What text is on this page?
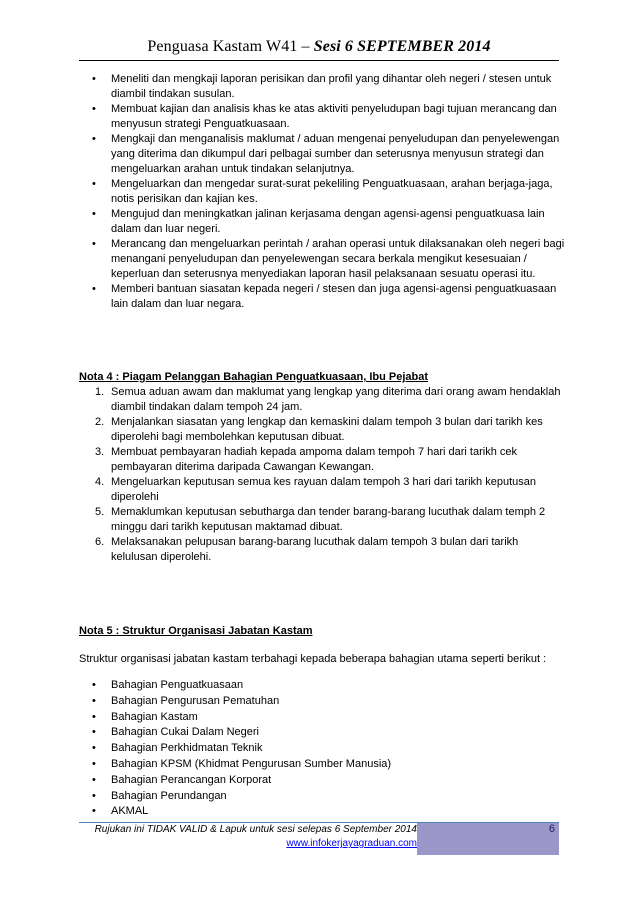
Penguasa Kastam W41 – Sesi 6 SEPTEMBER 2014
• Meneliti dan mengkaji laporan perisikan dan profil yang dihantar oleh negeri / stesen untuk diambil tindakan susulan.
• Membuat kajian dan analisis khas ke atas aktiviti penyeludupan bagi tujuan merancang dan menyusun strategi Penguatkuasaan.
• Mengkaji dan menganalisis maklumat / aduan mengenai penyeludupan dan penyelewengan yang diterima dan dikumpul dari pelbagai sumber dan seterusnya menyusun strategi dan mengeluarkan arahan untuk tindakan selanjutnya.
• Mengeluarkan dan mengedar surat-surat pekeliling Penguatkuasaan, arahan berjaga-jaga, notis perisikan dan kajian kes.
• Mengujud dan meningkatkan jalinan kerjasama dengan agensi-agensi penguatkuasa lain dalam dan luar negeri.
• Merancang dan mengeluarkan perintah / arahan operasi untuk dilaksanakan oleh negeri bagi menangani penyeludupan dan penyelewengan secara berkala mengikut kesesuaian / keperluan dan seterusnya menyediakan laporan hasil pelaksanaan sesuatu operasi itu.
• Memberi bantuan siasatan kepada negeri / stesen dan juga agensi-agensi penguatkuasaan lain dalam dan luar negara.

Nota 4 : Piagam Pelanggan Bahagian Penguatkuasaan, Ibu Pejabat

1. Semua aduan awam dan maklumat yang lengkap yang diterima dari orang awam hendaklah diambil tindakan dalam tempoh 24 jam.
2. Menjalankan siasatan yang lengkap dan kemaskini dalam tempoh 3 bulan dari tarikh kes diperolehi bagi membolehkan keputusan dibuat.
3. Membuat pembayaran hadiah kepada ampoma dalam tempoh 7 hari dari tarikh cek pembayaran diterima daripada Cawangan Kewangan.
4. Mengeluarkan keputusan semua kes rayuan dalam tempoh 3 hari dari tarikh keputusan diperolehi
5. Memaklumkan keputusan sebutharga dan tender barang-barang lucuthak dalam temph 2 minggu dari tarikh keputusan maktamad dibuat.
6. Melaksanakan pelupusan barang-barang lucuthak dalam tempoh 3 bulan dari tarikh kelulusan diperolehi.

Nota 5 : Struktur Organisasi Jabatan Kastam

Struktur organisasi jabatan kastam terbahagi kepada beberapa bahagian utama seperti berikut :

• Bahagian Penguatkuasaan
• Bahagian Pengurusan Pematuhan
• Bahagian Kastam
• Bahagian Cukai Dalam Negeri
• Bahagian Perkhidmatan Teknik
• Bahagian KPSM (Khidmat Pengurusan Sumber Manusia)
• Bahagian Perancangan Korporat
• Bahagian Perundangan
• AKMAL
Rujukan ini TIDAK VALID & Lapuk untuk sesi selepas 6 September 2014
www.infokerjayagraduan.com
6
